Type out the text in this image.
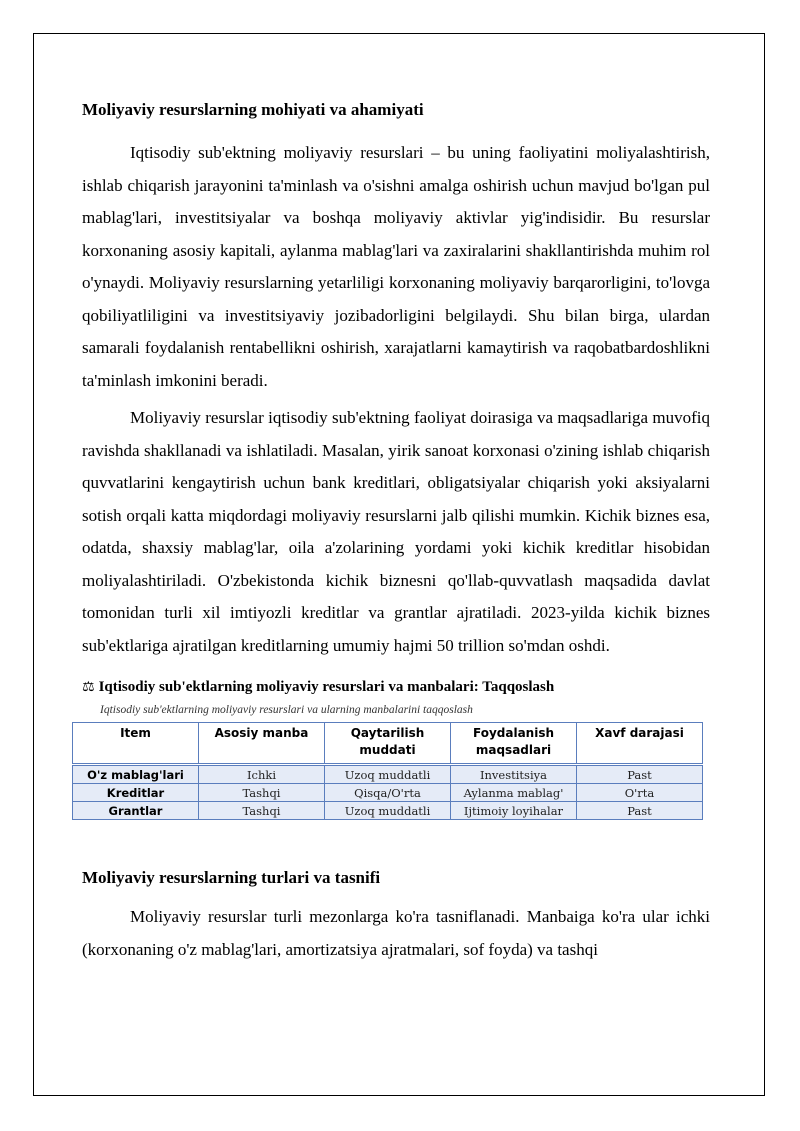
Moliyaviy resurslarning mohiyati va ahamiyati

Iqtisodiy sub'ektning moliyaviy resurslari – bu uning faoliyatini moliyalashtirish, ishlab chiqarish jarayonini ta'minlash va o'sishni amalga oshirish uchun mavjud bo'lgan pul mablag'lari, investitsiyalar va boshqa moliyaviy aktivlar yig'indisidir. Bu resurslar korxonaning asosiy kapitali, aylanma mablag'lari va zaxiralarini shakllantirishda muhim rol o'ynaydi. Moliyaviy resurslarning yetarliligi korxonaning moliyaviy barqarorligini, to'lovga qobiliyatliligini va investitsiyaviy jozibadorligini belgilaydi. Shu bilan birga, ulardan samarali foydalanish rentabellikni oshirish, xarajatlarni kamaytirish va raqobatbardoshlikni ta'minlash imkonini beradi.

Moliyaviy resurslar iqtisodiy sub'ektning faoliyat doirasiga va maqsadlariga muvofiq ravishda shakllanadi va ishlatiladi. Masalan, yirik sanoat korxonasi o'zining ishlab chiqarish quvvatlarini kengaytirish uchun bank kreditlari, obligatsiyalar chiqarish yoki aksiyalarni sotish orqali katta miqdordagi moliyaviy resurslarni jalb qilishi mumkin. Kichik biznes esa, odatda, shaxsiy mablag'lar, oila a'zolarining yordami yoki kichik kreditlar hisobidan moliyalashtiriladi. O'zbekistonda kichik biznesni qo'llab-quvvatlash maqsadida davlat tomonidan turli xil imtiyozli kreditlar va grantlar ajratiladi. 2023-yilda kichik biznes sub'ektlariga ajratilgan kreditlarning umumiy hajmi 50 trillion so'mdan oshdi.

⚖ Iqtisodiy sub'ektlarning moliyaviy resurslari va manbalari: Taqqoslash
Iqtisodiy sub'ektlarning moliyaviy resurslari va ularning manbalarini taqqoslash
Item	Asosiy manba	Qaytarilish muddati	Foydalanish maqsadlari	Xavf darajasi
O'z mablag'lari	Ichki	Uzoq muddatli	Investitsiya	Past
Kreditlar	Tashqi	Qisqa/O'rta	Aylanma mablag'	O'rta
Grantlar	Tashqi	Uzoq muddatli	Ijtimoiy loyihalar	Past
Moliyaviy resurslarning turlari va tasnifi

Moliyaviy resurslar turli mezonlarga ko'ra tasniflanadi. Manbaiga ko'ra ular ichki (korxonaning o'z mablag'lari, amortizatsiya ajratmalari, sof foyda) va tashqi
